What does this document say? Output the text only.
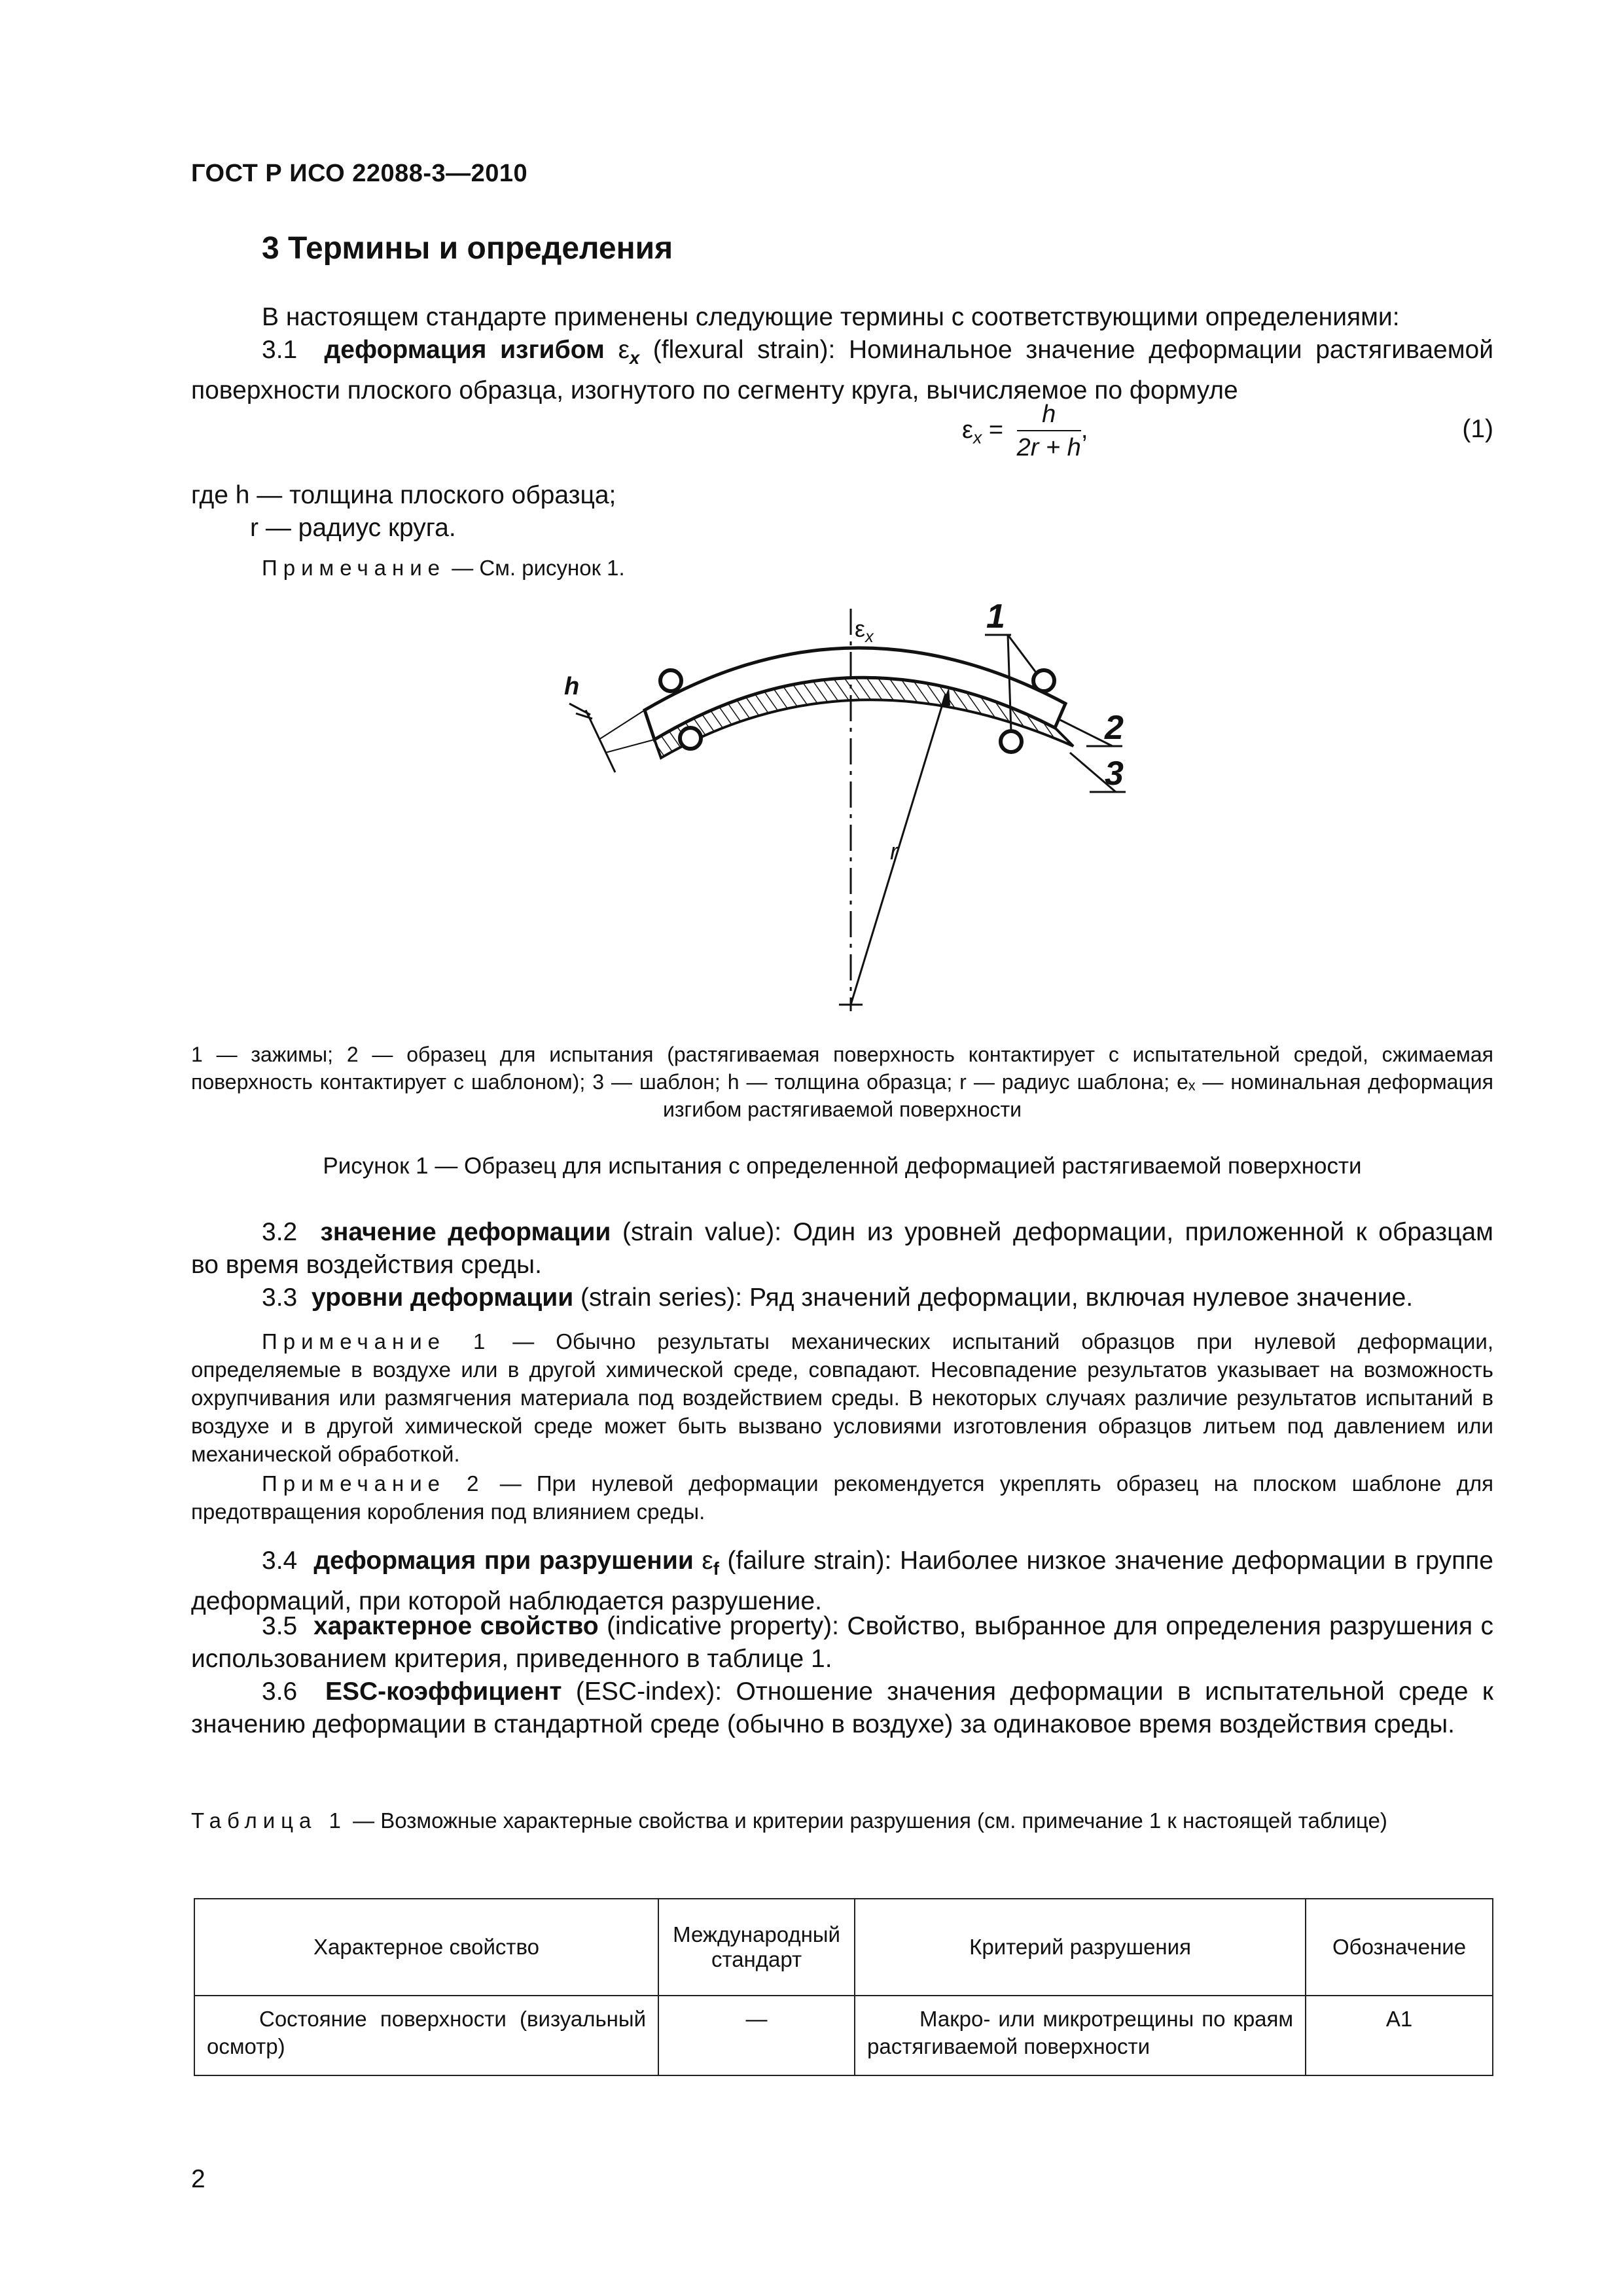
ГОСТ Р ИСО 22088-3—2010
3 Термины и определения
В настоящем стандарте применены следующие термины с соответствующими определениями:
3.1 деформация изгибом $\varepsilon_x$ (flexural strain): Номинальное значение деформации растягиваемой
поверхности плоского образца, изогнутого по сегменту круга, вычисляемое по формуле
$\varepsilon_x = \frac{h}{2r + h}$ ,	(1)
где h — толщина плоского образца;
r — радиус круга.
Примечание — См. рисунок 1.
$\varepsilon_x$
h
r
1
2
3
1 — зажимы; 2 — образец для испытания (растягиваемая поверхность контактирует с испытательной средой, сжимаемая поверхность контактирует с шаблоном); 3 — шаблон; h — толщина образца; r — радиус шаблона; eₓ — номинальная деформация изгибом растягиваемой поверхности
Рисунок 1 — Образец для испытания с определенной деформацией растягиваемой поверхности
3.2 значение деформации (strain value): Один из уровней деформации, приложенной к образцам
во время воздействия среды.
3.3 уровни деформации (strain series): Ряд значений деформации, включая нулевое значение.
Примечание 1 — Обычно результаты механических испытаний образцов при нулевой деформации, определяемые в воздухе или в другой химической среде, совпадают. Несовпадение результатов указывает на возможность охрупчивания или размягчения материала под воздействием среды. В некоторых случаях различие результатов испытаний в воздухе и в другой химической среде может быть вызвано условиями изготовления образцов литьем под давлением или механической обработкой.
Примечание 2 — При нулевой деформации рекомендуется укреплять образец на плоском шаблоне для предотвращения коробления под влиянием среды.
3.4 деформация при разрушении $\varepsilon_f$ (failure strain): Наиболее низкое значение деформации в группе деформаций, при которой наблюдается разрушение.
3.5 характерное свойство (indicative property): Свойство, выбранное для определения разрушения с использованием критерия, приведенного в таблице 1.
3.6 ESC-коэффициент (ESC-index): Отношение значения деформации в испытательной среде к значению деформации в стандартной среде (обычно в воздухе) за одинаковое время воздействия среды.
Таблица 1 — Возможные характерные свойства и критерии разрушения (см. примечание 1 к настоящей таблице)
Характерное свойство	Международный стандарт	Критерий разрушения	Обозначение
Состояние поверхности (визуальный осмотр)	—	Макро- или микротрещины по краям растягиваемой поверхности	А1
2
